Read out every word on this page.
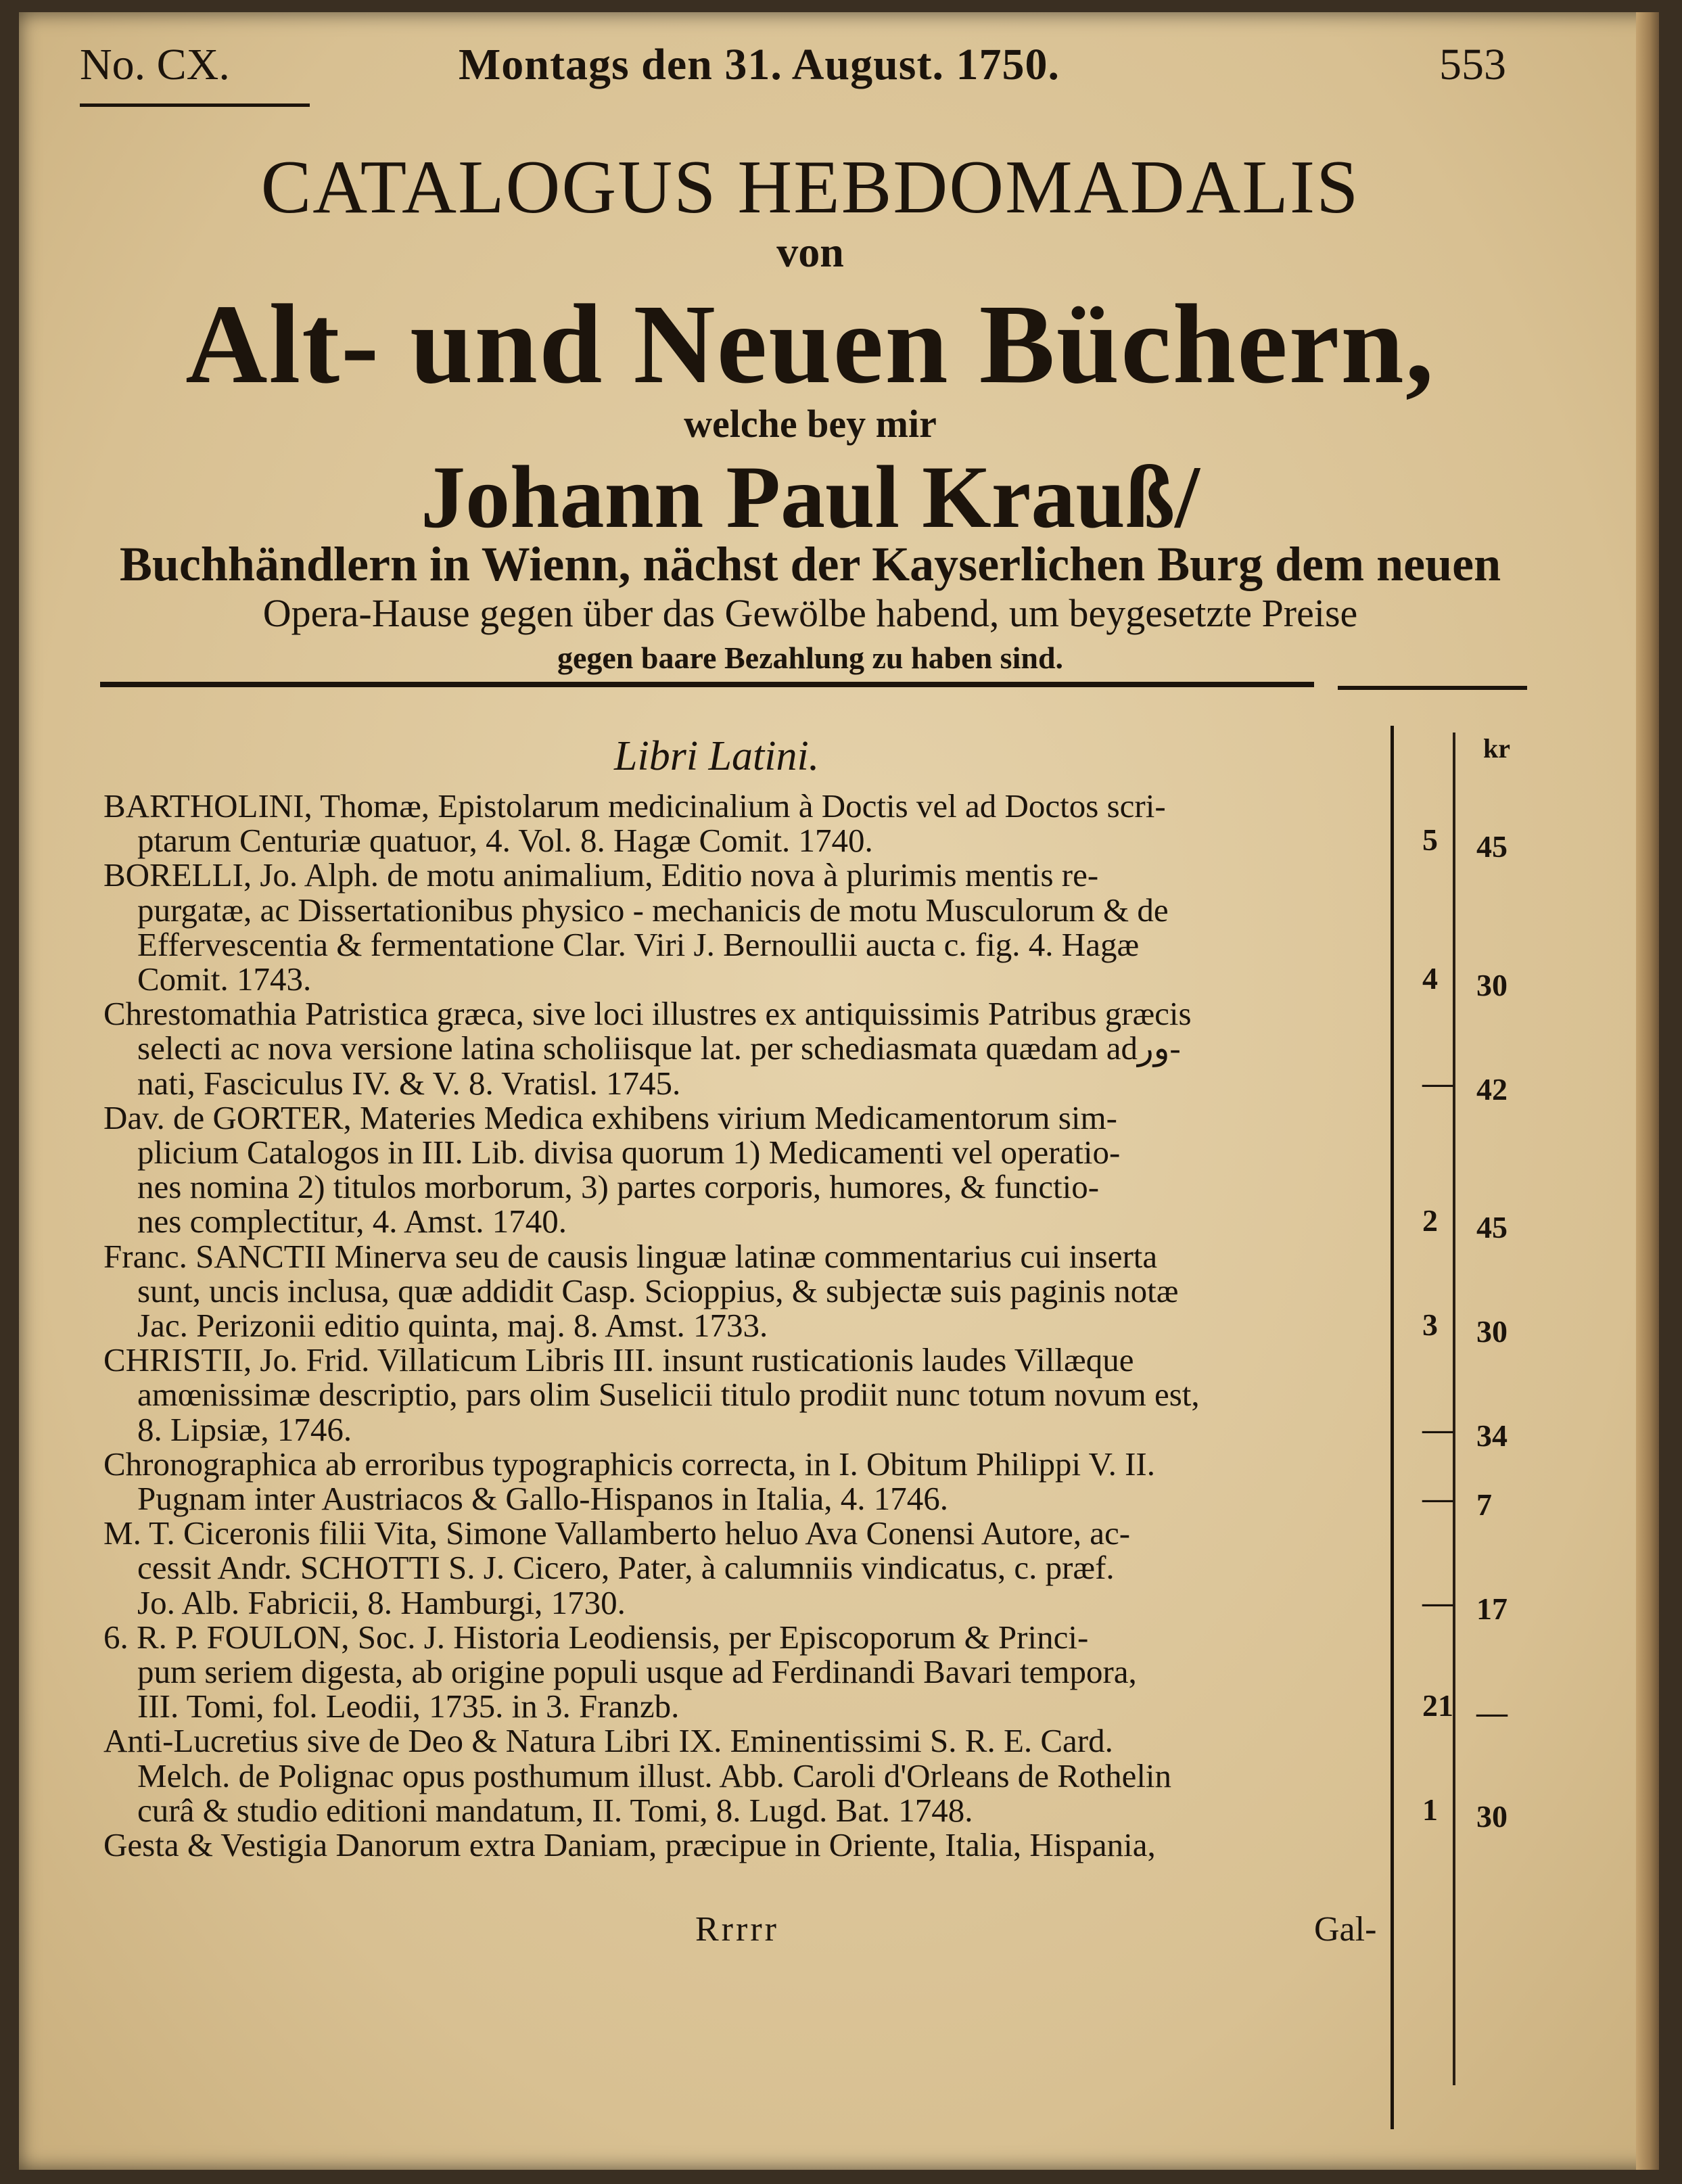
No. CX.	Montags den 31. August. 1750.	553
CATALOGUS HEBDOMADALIS
von
Alt- und Neuen Büchern,
welche bey mir
Johann Paul Krauß/
Buchhändlern in Wienn, nächst der Kayserlichen Burg dem neuen
Opera-Hause gegen über das Gewölbe habend, um beygesetzte Preise
gegen baare Bezahlung zu haben sind.
Libri Latini.	kr
Rrrrr	Gal-
BARTHOLINI, Thomæ, Epistolarum medicinalium à Doctis vel ad Doctos scri-
ptarum Centuriæ quatuor, 4. Vol. 8. Hagæ Comit. 1740.	5 45
BORELLI, Jo. Alph. de motu animalium, Editio nova à plurimis mentis re-
purgatæ, ac Dissertationibus physico - mechanicis de motu Musculorum & de
Effervescentia & fermentatione Clar. Viri J. Bernoullii aucta c. fig. 4. Hagæ
Comit. 1743.	4 30
Chrestomathia Patristica græca, sive loci illustres ex antiquissimis Patribus græcis
selecti ac nova versione latina scholiisque lat. per schediasmata quædam adور-
nati, Fasciculus IV. & V. 8. Vratisl. 1745.	— 42
Dav. de GORTER, Materies Medica exhibens virium Medicamentorum sim-
plicium Catalogos in III. Lib. divisa quorum 1) Medicamenti vel operatio-
nes nomina 2) titulos morborum, 3) partes corporis, humores, & functio-
nes complectitur, 4. Amst. 1740.	2 45
Franc. SANCTII Minerva seu de causis linguæ latinæ commentarius cui inserta
sunt, uncis inclusa, quæ addidit Casp. Scioppius, & subjectæ suis paginis notæ
Jac. Perizonii editio quinta, maj. 8. Amst. 1733.	3 30
CHRISTII, Jo. Frid. Villaticum Libris III. insunt rusticationis laudes Villæque
amœnissimæ descriptio, pars olim Suselicii titulo prodiit nunc totum novum est,
8. Lipsiæ, 1746.	— 34
Chronographica ab erroribus typographicis correcta, in I. Obitum Philippi V. II.
Pugnam inter Austriacos & Gallo-Hispanos in Italia, 4. 1746.	— 7
M. T. Ciceronis filii Vita, Simone Vallamberto heluo Ava Conensi Autore, ac-
cessit Andr. SCHOTTI S. J. Cicero, Pater, à calumniis vindicatus, c. præf.
Jo. Alb. Fabricii, 8. Hamburgi, 1730.	— 17
6. R. P. FOULON, Soc. J. Historia Leodiensis, per Episcoporum & Princi-
pum seriem digesta, ab origine populi usque ad Ferdinandi Bavari tempora,
III. Tomi, fol. Leodii, 1735. in 3. Franzb.	21 —
Anti-Lucretius sive de Deo & Natura Libri IX. Eminentissimi S. R. E. Card.
Melch. de Polignac opus posthumum illust. Abb. Caroli d'Orleans de Rothelin
curâ & studio editioni mandatum, II. Tomi, 8. Lugd. Bat. 1748.	1 30
Gesta & Vestigia Danorum extra Daniam, præcipue in Oriente, Italia, Hispania,
